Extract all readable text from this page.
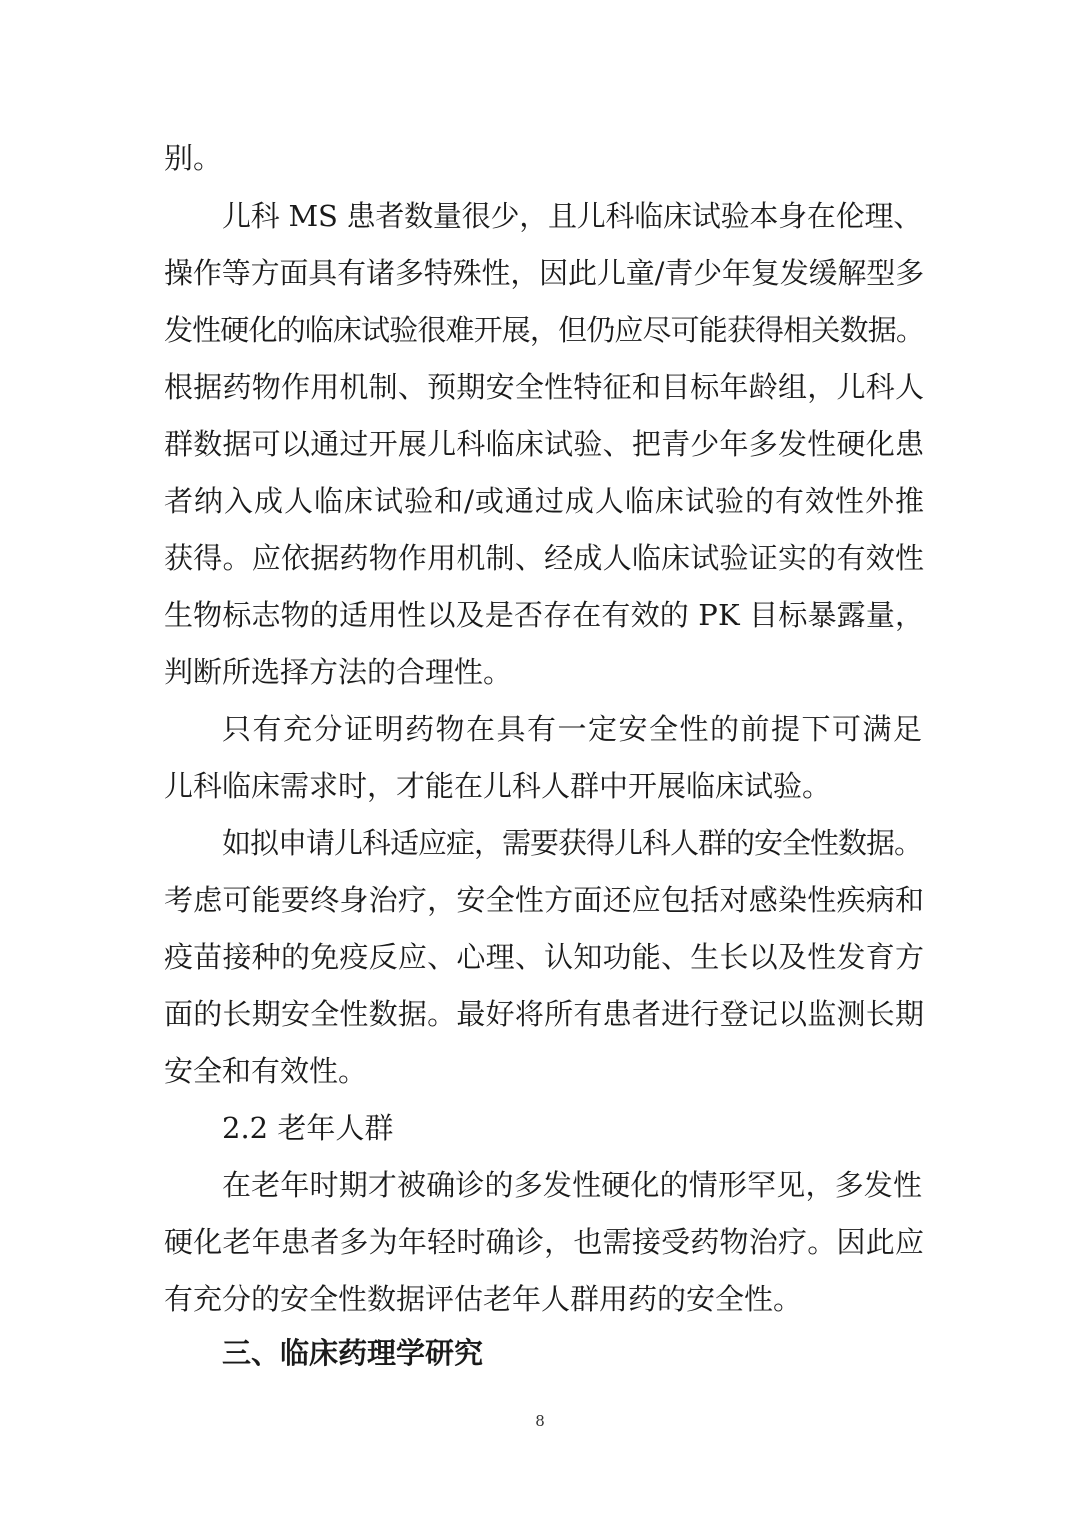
别。
儿科 MS 患者数量很少，且儿科临床试验本身在伦理、
操作等方面具有诸多特殊性，因此儿童/青少年复发缓解型多
发性硬化的临床试验很难开展，但仍应尽可能获得相关数据。
根据药物作用机制、预期安全性特征和目标年龄组，儿科人
群数据可以通过开展儿科临床试验、把青少年多发性硬化患
者纳入成人临床试验和/或通过成人临床试验的有效性外推
获得。应依据药物作用机制、经成人临床试验证实的有效性
生物标志物的适用性以及是否存在有效的 PK 目标暴露量，
判断所选择方法的合理性。
只有充分证明药物在具有一定安全性的前提下可满足
儿科临床需求时，才能在儿科人群中开展临床试验。
如拟申请儿科适应症，需要获得儿科人群的安全性数据。
考虑可能要终身治疗，安全性方面还应包括对感染性疾病和
疫苗接种的免疫反应、心理、认知功能、生长以及性发育方
面的长期安全性数据。最好将所有患者进行登记以监测长期
安全和有效性。
2.2 老年人群
在老年时期才被确诊的多发性硬化的情形罕见，多发性
硬化老年患者多为年轻时确诊，也需接受药物治疗。因此应
有充分的安全性数据评估老年人群用药的安全性。
三、临床药理学研究
8
